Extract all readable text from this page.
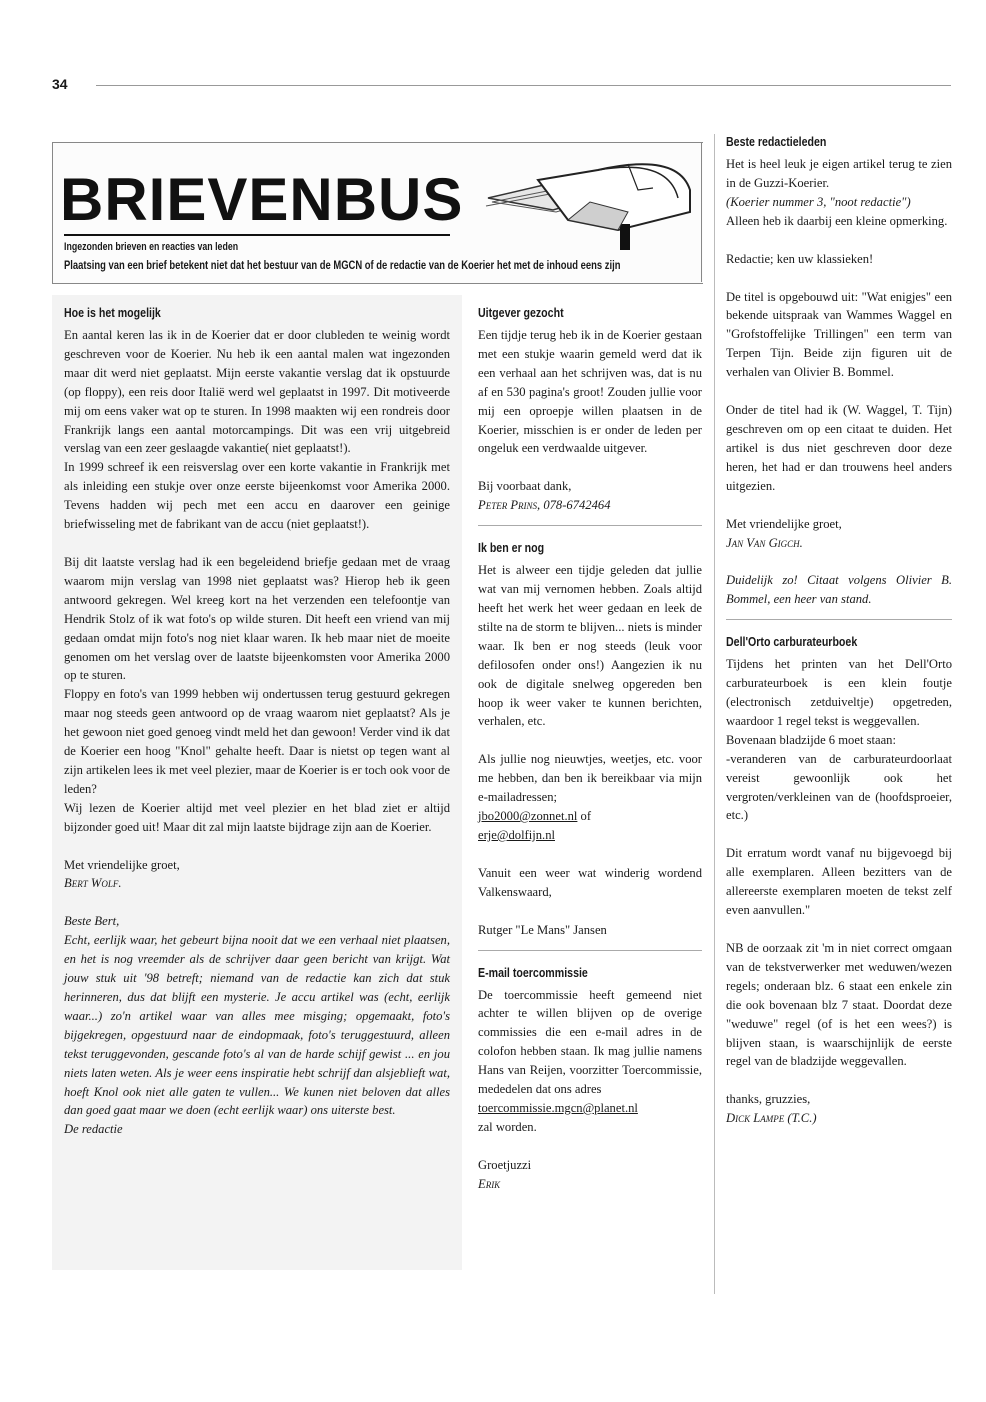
34
BRIEVENBUS
Ingezonden brieven en reacties van leden
Plaatsing van een brief betekent niet dat het bestuur van de MGCN of de redactie van de Koerier het met de inhoud eens zijn
Hoe is het mogelijk

En aantal keren las ik in de Koerier dat er door clubleden te weinig wordt geschreven voor de Koerier. Nu heb ik een aantal malen wat ingezonden maar dit werd niet geplaatst. Mijn eerste vakantie verslag dat ik opstuurde (op floppy), een reis door Italië werd wel geplaatst in 1997. Dit motiveerde mij om eens vaker wat op te sturen. In 1998 maakten wij een rondreis door Frankrijk langs een aantal motorcampings. Dit was een vrij uitgebreid verslag van een zeer geslaagde vakantie( niet geplaatst!).

In 1999 schreef ik een reisverslag over een korte vakantie in Frankrijk met als inleiding een stukje over onze eerste bijeenkomst voor Amerika 2000. Tevens hadden wij pech met een accu en daarover een geinige briefwisseling met de fabrikant van de accu (niet geplaatst!).

Bij dit laatste verslag had ik een begeleidend briefje gedaan met de vraag waarom mijn verslag van 1998 niet geplaatst was? Hierop heb ik geen antwoord gekregen. Wel kreeg kort na het verzenden een telefoontje van Hendrik Stolz of ik wat foto's op wilde sturen. Dit heeft een vriend van mij gedaan omdat mijn foto's nog niet klaar waren. Ik heb maar niet de moeite genomen om het verslag over de laatste bijeenkomsten voor Amerika 2000 op te sturen.

Floppy en foto's van 1999 hebben wij ondertussen terug gestuurd gekregen maar nog steeds geen antwoord op de vraag waarom niet geplaatst? Als je het gewoon niet goed genoeg vindt meld het dan gewoon! Verder vind ik dat de Koerier een hoog "Knol" gehalte heeft. Daar is nietst op tegen want al zijn artikelen lees ik met veel plezier, maar de Koerier is er toch ook voor de leden?

Wij lezen de Koerier altijd met veel plezier en het blad ziet er altijd bijzonder goed uit! Maar dit zal mijn laatste bijdrage zijn aan de Koerier.

Met vriendelijke groet,

Bert Wolf.

Beste Bert,

Echt, eerlijk waar, het gebeurt bijna nooit dat we een verhaal niet plaatsen, en het is nog vreemder als de schrijver daar geen bericht van krijgt. Wat jouw stuk uit '98 betreft; niemand van de redactie kan zich dat stuk herinneren, dus dat blijft een mysterie. Je accu artikel was (echt, eerlijk waar...) zo'n artikel waar van alles mee misging; opgemaakt, foto's bijgekregen, opgestuurd naar de eindopmaak, foto's teruggestuurd, alleen tekst teruggevonden, gescande foto's al van de harde schijf gewist ... en jou niets laten weten. Als je weer eens inspiratie hebt schrijf dan alsjeblieft wat, hoeft Knol ook niet alle gaten te vullen... We kunen niet beloven dat alles dan goed gaat maar we doen (echt eerlijk waar) ons uiterste best.

De redactie

Uitgever gezocht

Een tijdje terug heb ik in de Koerier gestaan met een stukje waarin gemeld werd dat ik een verhaal aan het schrijven was, dat is nu af en 530 pagina's groot! Zouden jullie voor mij een oproepje willen plaatsen in de Koerier, misschien is er onder de leden per ongeluk een verdwaalde uitgever.

Bij voorbaat dank,

Peter Prins, 078-6742464

Ik ben er nog

Het is alweer een tijdje geleden dat jullie wat van mij vernomen hebben. Zoals altijd heeft het werk het weer gedaan en leek de stilte na de storm te blijven... niets is minder waar. Ik ben er nog steeds (leuk voor defilosofen onder ons!) Aangezien ik nu ook de digitale snelweg opgereden ben hoop ik weer vaker te kunnen berichten, verhalen, etc.

Als jullie nog nieuwtjes, weetjes, etc. voor me hebben, dan ben ik bereikbaar via mijn e-mailadressen;

jbo2000@zonnet.nl of

erje@dolfijn.nl

Vanuit een weer wat winderig wordend Valkenswaard,

Rutger "Le Mans" Jansen

E-mail toercommissie

De toercommissie heeft gemeend niet achter te willen blijven op de overige commissies die een e-mail adres in de colofon hebben staan. Ik mag jullie namens Hans van Reijen, voorzitter Toercommissie, mededelen dat ons adres

toercommissie.mgcn@planet.nl

zal worden.

Groetjuzzi

Erik

Beste redactieleden

Het is heel leuk je eigen artikel terug te zien in de Guzzi-Koerier.

(Koerier nummer 3, "noot redactie")

Alleen heb ik daarbij een kleine opmerking.

Redactie; ken uw klassieken!

De titel is opgebouwd uit: "Wat enigjes" een bekende uitspraak van Wammes Waggel en "Grofstoffelijke Trillingen" een term van Terpen Tijn. Beide zijn figuren uit de verhalen van Olivier B. Bommel.

Onder de titel had ik (W. Waggel, T. Tijn) geschreven om op een citaat te duiden. Het artikel is dus niet geschreven door deze heren, het had er dan trouwens heel anders uitgezien.

Met vriendelijke groet,

Jan Van Gigch.

Duidelijk zo! Citaat volgens Olivier B. Bommel, een heer van stand.

Dell'Orto carburateurboek

Tijdens het printen van het Dell'Orto carburateurboek is een klein foutje (electronisch zetduiveltje) opgetreden, waardoor 1 regel tekst is weggevallen.

Bovenaan bladzijde 6 moet staan:

-veranderen van de carburateurdoorlaat vereist gewoonlijk ook het vergroten/verkleinen van de (hoofdsproeier, etc.)

Dit erratum wordt vanaf nu bijgevoegd bij alle exemplaren. Alleen bezitters van de allereerste exemplaren moeten de tekst zelf even aanvullen."

NB de oorzaak zit 'm in niet correct omgaan van de tekstverwerker met weduwen/wezen regels; onderaan blz. 6 staat een enkele zin die ook bovenaan blz 7 staat. Doordat deze "weduwe" regel (of is het een wees?) is blijven staan, is waarschijnlijk de eerste regel van de bladzijde weggevallen.

thanks, gruzzies,

Dick Lampe (T.C.)
